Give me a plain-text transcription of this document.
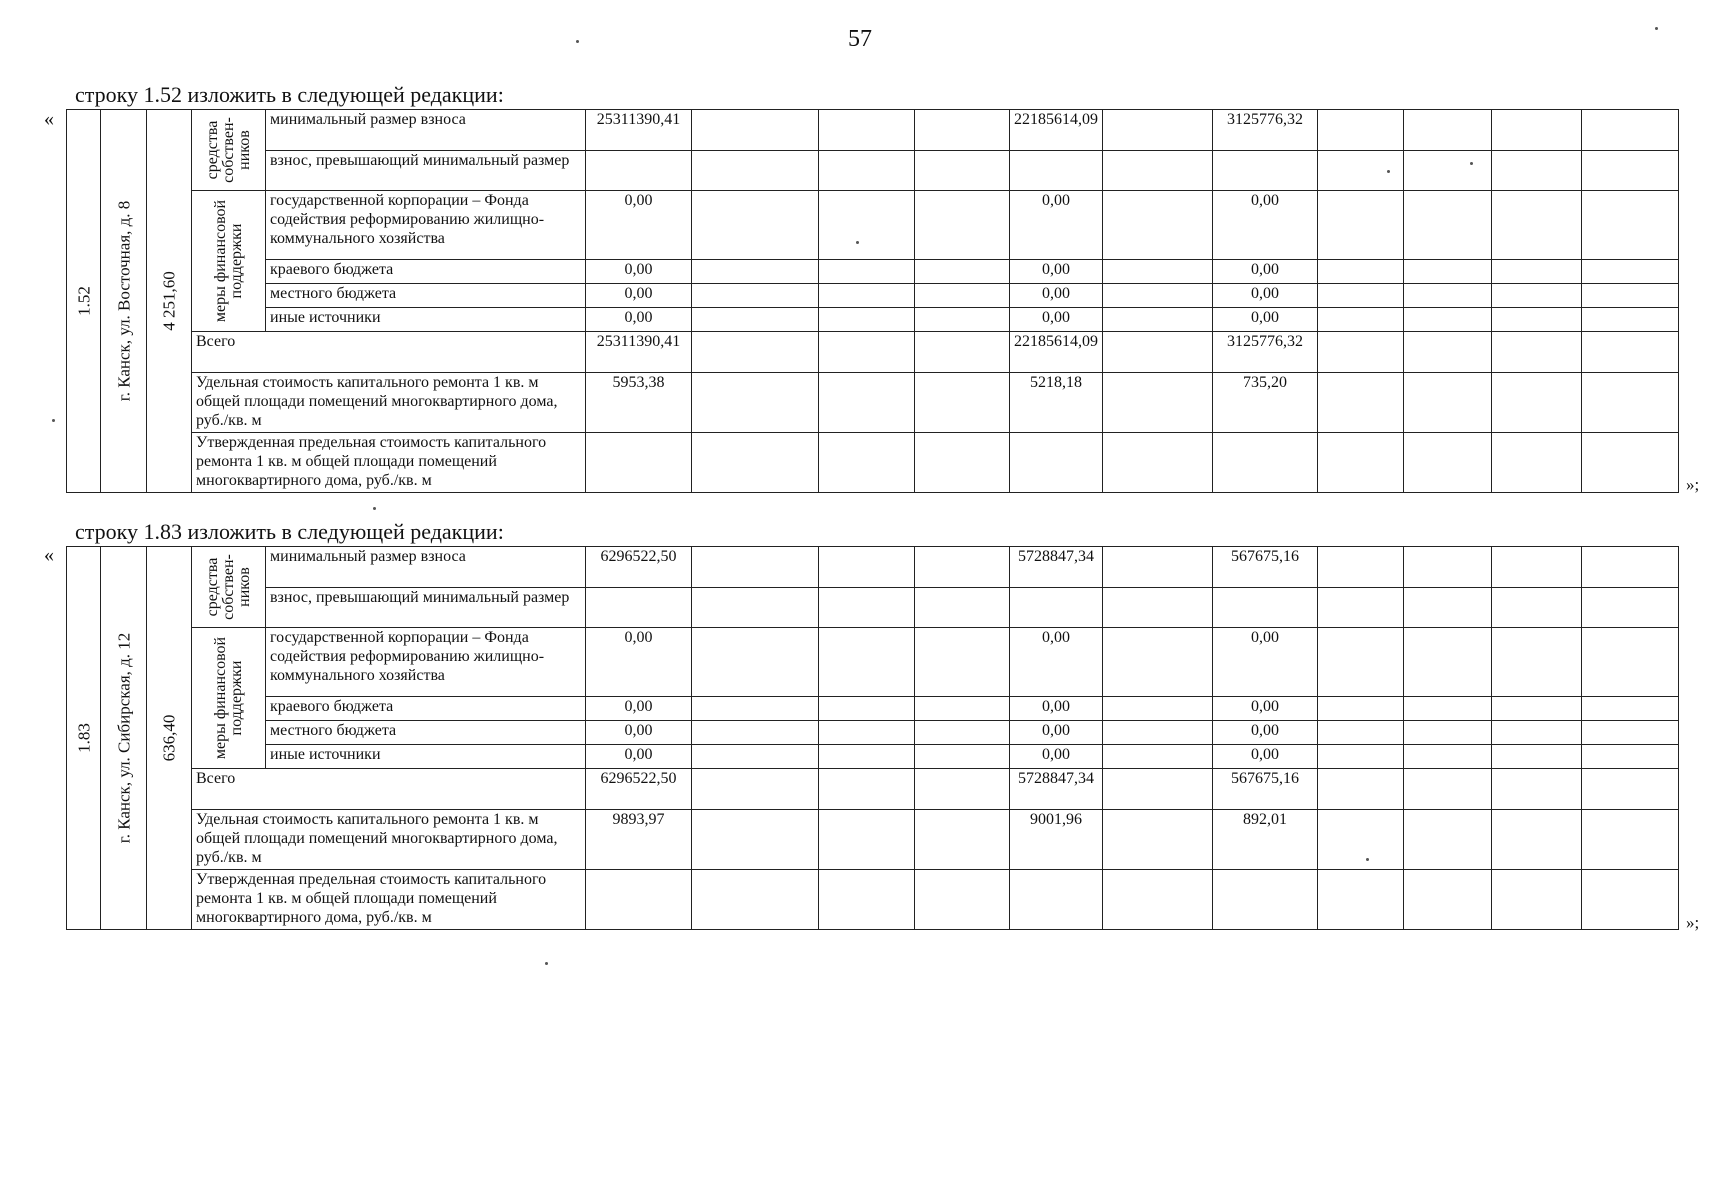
57
строку 1.52 изложить в следующей редакции:
«
1.52	г. Канск, ул. Восточная, д. 8	4 251,60	средства собствен-ников	минимальный размер взноса	25311390,41				22185614,09		3125776,32				
				взнос, превышающий минимальный размер											

			меры финансовой поддержки	государственной корпорации – Фонда содействия реформированию жилищно-коммунального хозяйства	0,00				0,00		0,00				
				краевого бюджета	0,00				0,00		0,00				
				местного бюджета	0,00				0,00		0,00				
				иные источники	0,00				0,00		0,00				
			Всего		25311390,41				22185614,09		3125776,32				
			Удельная стоимость капитального ремонта 1 кв. м общей площади помещений многоквартирного дома, руб./кв. м		5953,38				5218,18		735,20				
			Утвержденная предельная стоимость капитального ремонта 1 кв. м общей площади помещений многоквартирного дома, руб./кв. м													»;
строку 1.83 изложить в следующей редакции:
«
1.83	г. Канск, ул. Сибирская, д. 12	636,40	средства собствен-ников	минимальный размер взноса	6296522,50				5728847,34		567675,16				
				взнос, превышающий минимальный размер											

			меры финансовой поддержки	государственной корпорации – Фонда содействия реформированию жилищно-коммунального хозяйства	0,00				0,00		0,00				
				краевого бюджета	0,00				0,00		0,00				
				местного бюджета	0,00				0,00		0,00				
				иные источники	0,00				0,00		0,00				
			Всего		6296522,50				5728847,34		567675,16				
			Удельная стоимость капитального ремонта 1 кв. м общей площади помещений многоквартирного дома, руб./кв. м		9893,97				9001,96		892,01				
			Утвержденная предельная стоимость капитального ремонта 1 кв. м общей площади помещений многоквартирного дома, руб./кв. м													»;
